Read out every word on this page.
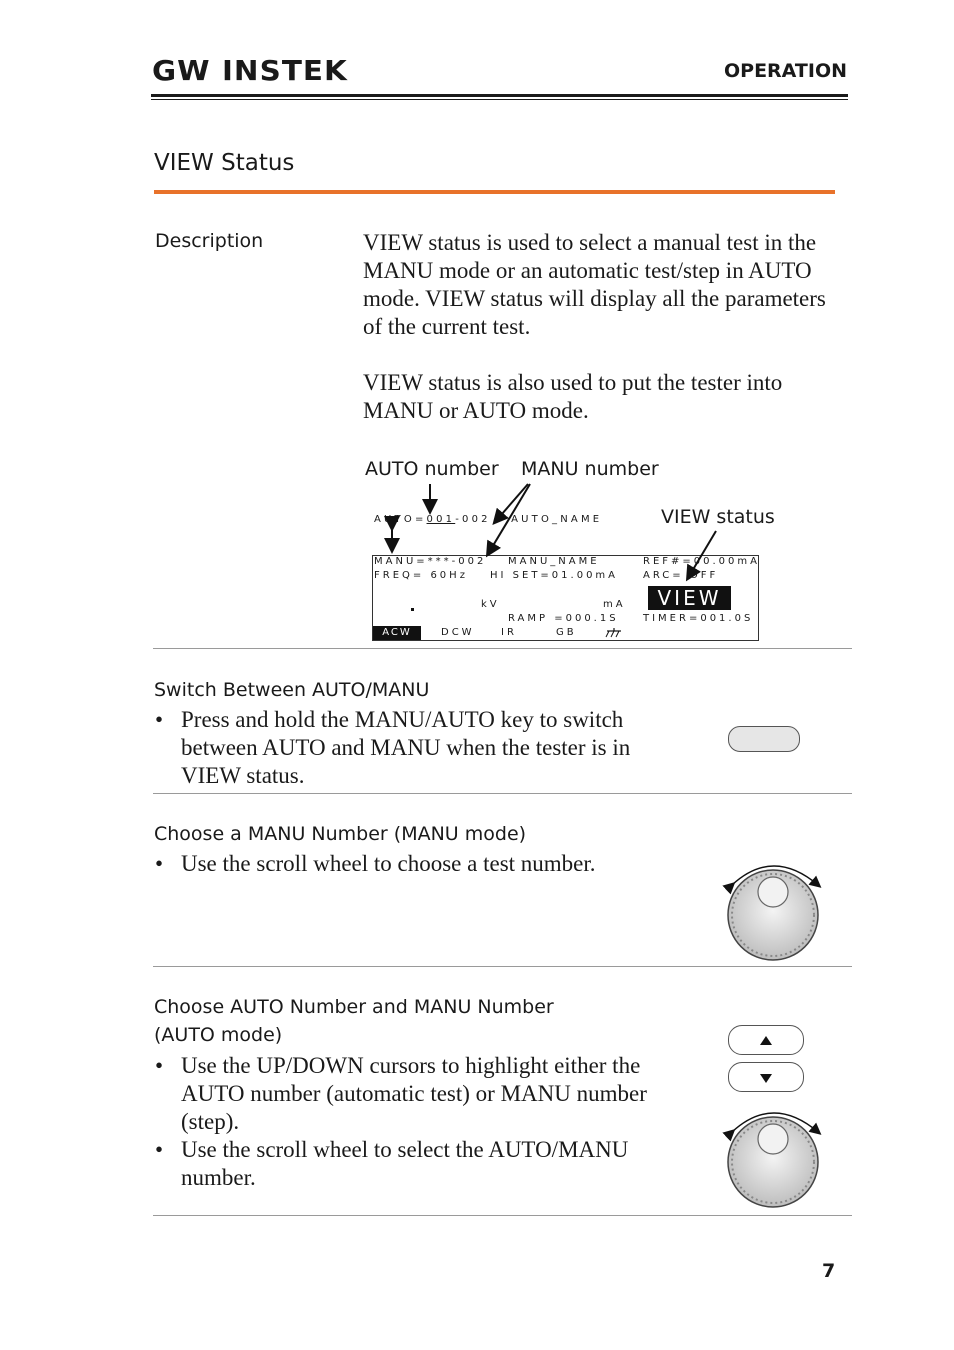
GW INSTEK	OPERATION
VIEW Status
Description	VIEW status is used to select a manual test in the MANU mode or an automatic test/step in AUTO mode. VIEW status will display all the parameters of the current test.
VIEW status is also used to put the tester into MANU or AUTO mode.
AUTO number MANU number
VIEW status
AUTO=001-002 AUTO_NAME
MANU=***-002 MANU_NAME	REF#=00.00mA
FREQ= 60Hz HI SET=01.00mA ARC= OFF
kV	mA	VIEW
RAMP =000.1S TIMER=001.0S
ACW	DCW	IR	GB
Switch Between AUTO/MANU
• Press and hold the MANU/AUTO key to switch between AUTO and MANU when the tester is in VIEW status.
Choose a MANU Number (MANU mode)
• Use the scroll wheel to choose a test number.
Choose AUTO Number and MANU Number
(AUTO mode)
• Use the UP/DOWN cursors to highlight either the AUTO number (automatic test) or MANU number (step).
• Use the scroll wheel to select the AUTO/MANU number.
7
